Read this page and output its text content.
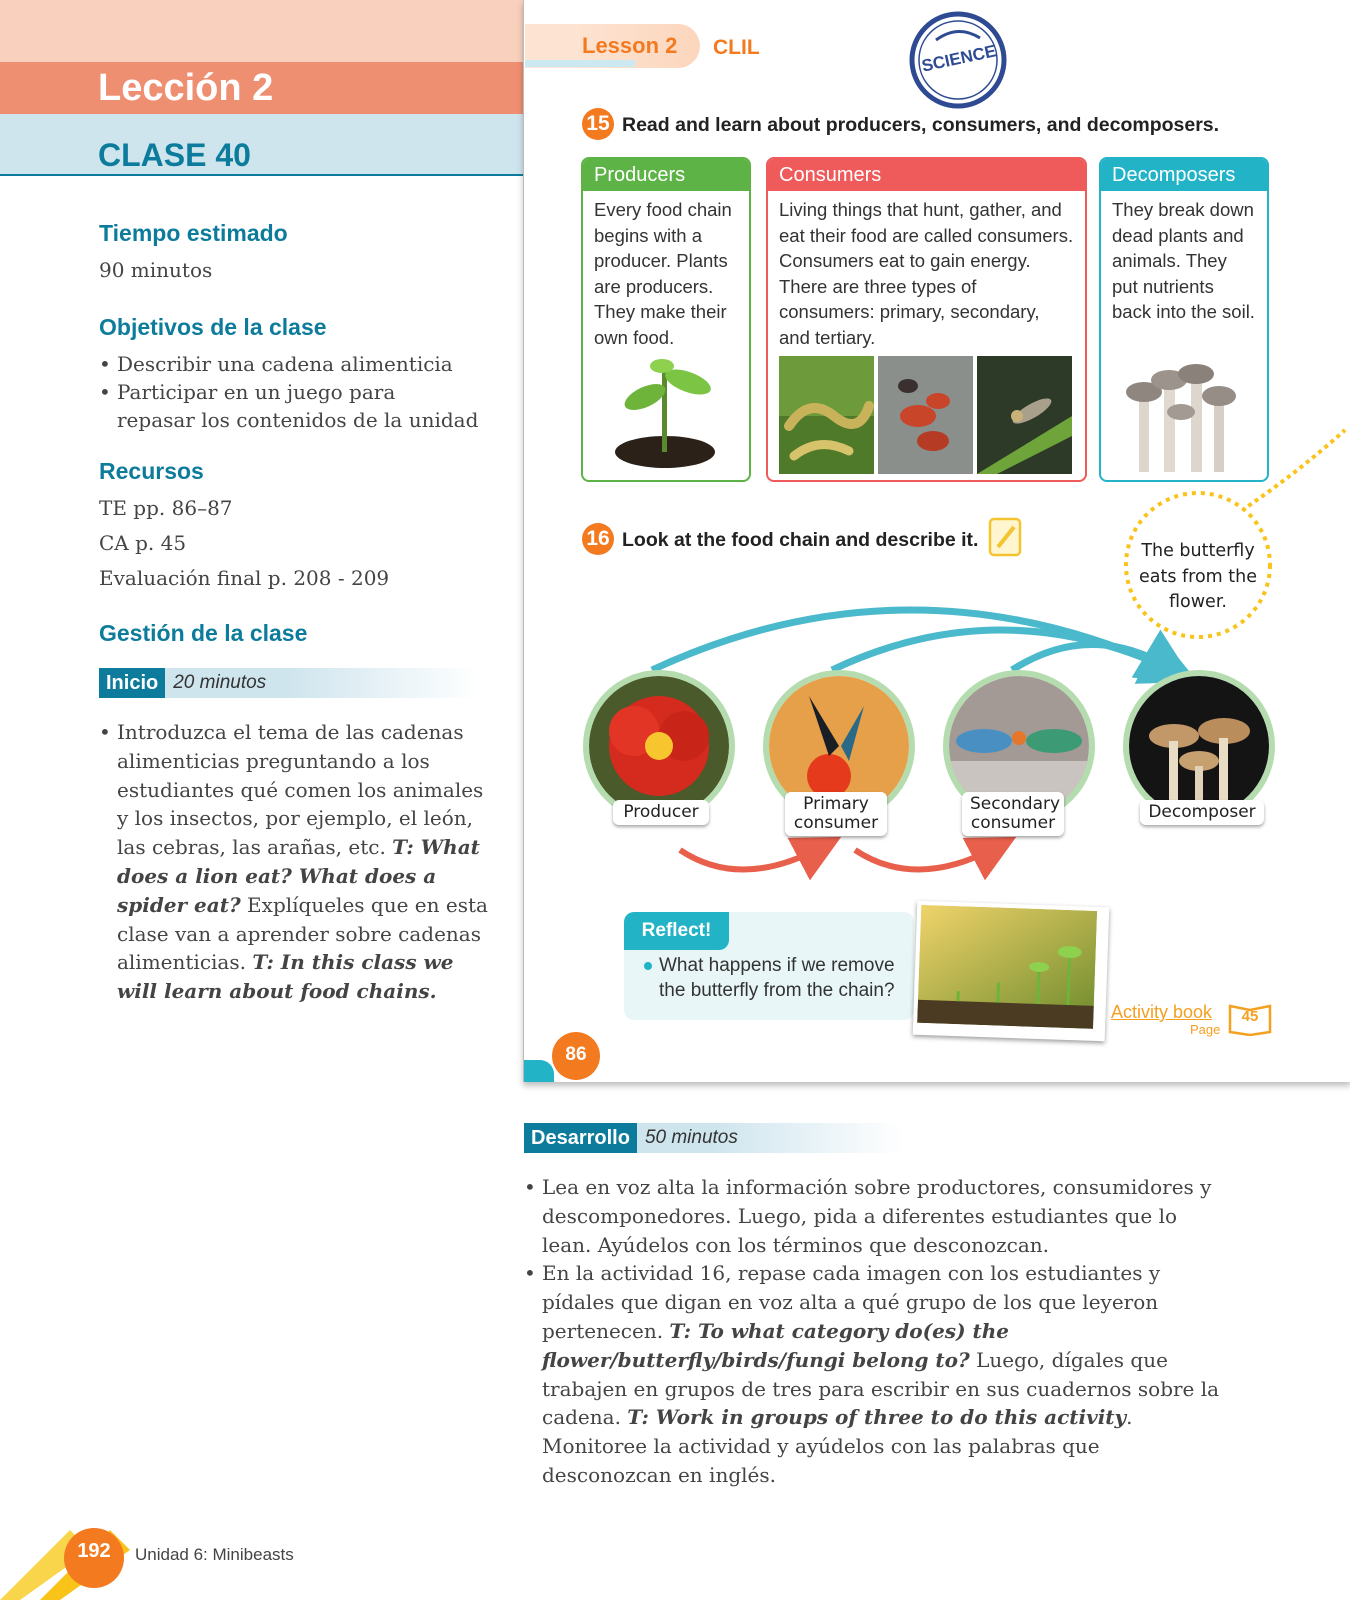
Lección 2
CLASE 40
Tiempo estimado
90 minutos
Objetivos de la clase
• Describir una cadena alimenticia
• Participar en un juego para repasar los contenidos de la unidad
Recursos
TE pp. 86–87
CA p. 45
Evaluación final p. 208 - 209
Gestión de la clase
Inicio 20 minutos
• Introduzca el tema de las cadenas alimenticias preguntando a los estudiantes qué comen los animales y los insectos, por ejemplo, el león, las cebras, las arañas, etc. T: What does a lion eat? What does a spider eat? Explíqueles que en esta clase van a aprender sobre cadenas alimenticias. T: In this class we will learn about food chains.
Desarrollo 50 minutos
• Lea en voz alta la información sobre productores, consumidores y descomponedores. Luego, pida a diferentes estudiantes que lo lean. Ayúdelos con los términos que desconozcan.
• En la actividad 16, repase cada imagen con los estudiantes y pídales que digan en voz alta a qué grupo de los que leyeron pertenecen. T: To what category do(es) the flower/butterfly/birds/fungi belong to? Luego, dígales que trabajen en grupos de tres para escribir en sus cuadernos sobre la cadena. T: Work in groups of three to do this activity. Monitoree la actividad y ayúdelos con las palabras que desconozcan en inglés.
192	Unidad 6: Minibeasts
Lesson 2 CLIL	SCIENCE
15 Read and learn about producers, consumers, and decomposers.
Producers
Every food chain begins with a producer. Plants are producers. They make their own food.
Consumers
Living things that hunt, gather, and eat their food are called consumers. Consumers eat to gain energy. There are three types of consumers: primary, secondary, and tertiary.
Decomposers
They break down dead plants and animals. They put nutrients back into the soil.
16 Look at the food chain and describe it.	The butterfly eats from the flower.
Producer	Primary consumer
Secondary consumer
Decomposer
Reflect!
What happens if we remove the butterfly from the chain?
Activity book
Page
45
86
